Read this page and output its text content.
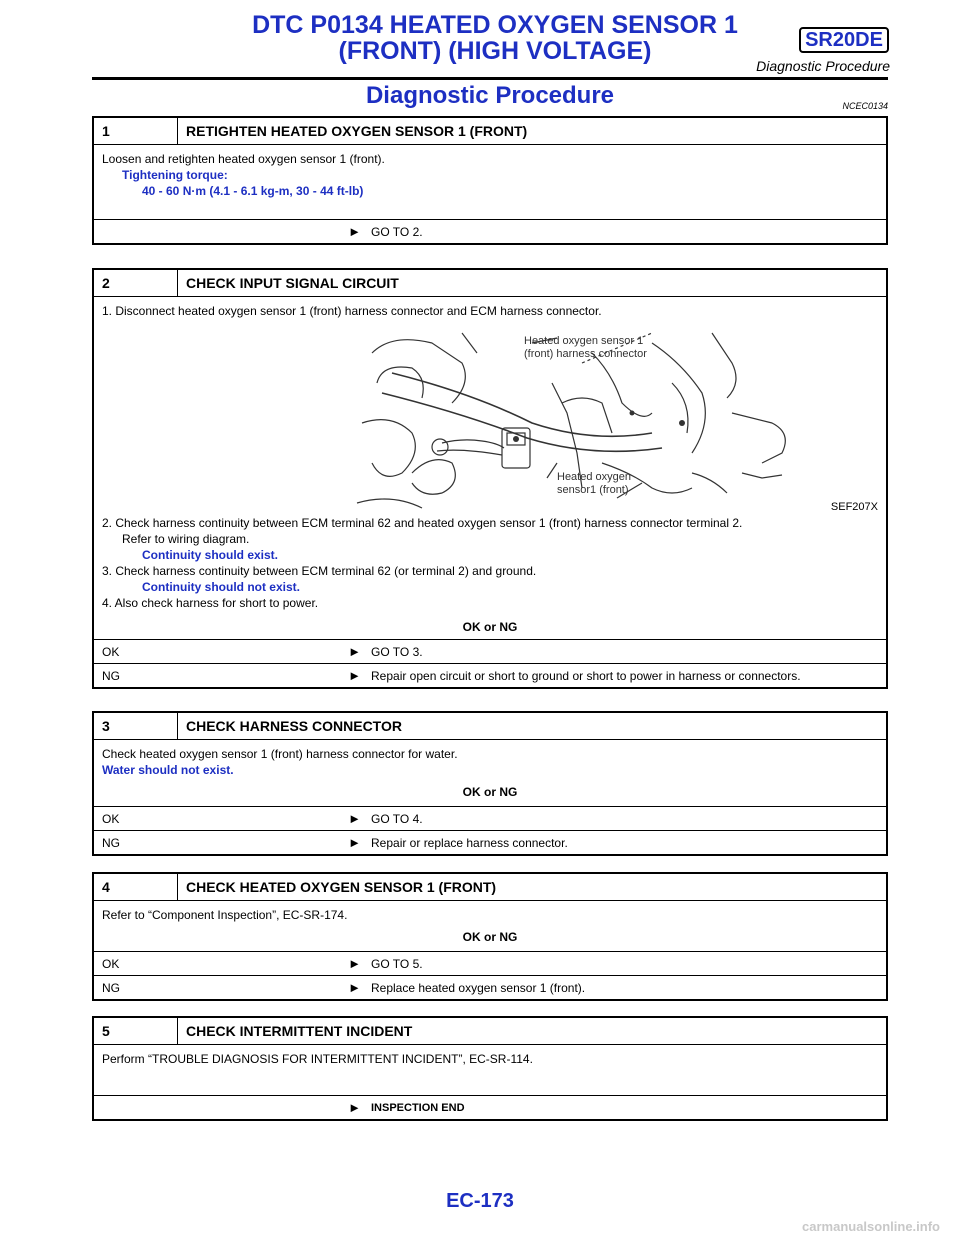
DTC P0134 HEATED OXYGEN SENSOR 1
(FRONT) (HIGH VOLTAGE)	SR20DE
Diagnostic Procedure
Diagnostic Procedure	NCEC0134
1	RETIGHTEN HEATED OXYGEN SENSOR 1 (FRONT)
Loosen and retighten heated oxygen sensor 1 (front).
Tightening torque:
40 - 60 N·m (4.1 - 6.1 kg-m, 30 - 44 ft-lb)
► GO TO 2.
2	CHECK INPUT SIGNAL CIRCUIT
1. Disconnect heated oxygen sensor 1 (front) harness connector and ECM harness connector.
Heated oxygen sensor 1
(front) harness connector
Heated oxygen
sensor1 (front)
SEF207X
2. Check harness continuity between ECM terminal 62 and heated oxygen sensor 1 (front) harness connector terminal 2.
Refer to wiring diagram.
Continuity should exist.
3. Check harness continuity between ECM terminal 62 (or terminal 2) and ground.
Continuity should not exist.
4. Also check harness for short to power.
OK or NG
OK	► GO TO 3.
NG	► Repair open circuit or short to ground or short to power in harness or connectors.
3	CHECK HARNESS CONNECTOR
Check heated oxygen sensor 1 (front) harness connector for water.
Water should not exist.
OK or NG
OK	► GO TO 4.
NG	► Repair or replace harness connector.
4	CHECK HEATED OXYGEN SENSOR 1 (FRONT)
Refer to “Component Inspection”, EC-SR-174.
OK or NG
OK	► GO TO 5.
NG	► Replace heated oxygen sensor 1 (front).
5	CHECK INTERMITTENT INCIDENT
Perform “TROUBLE DIAGNOSIS FOR INTERMITTENT INCIDENT”, EC-SR-114.
► INSPECTION END
EC-173
carmanualsonline.info
